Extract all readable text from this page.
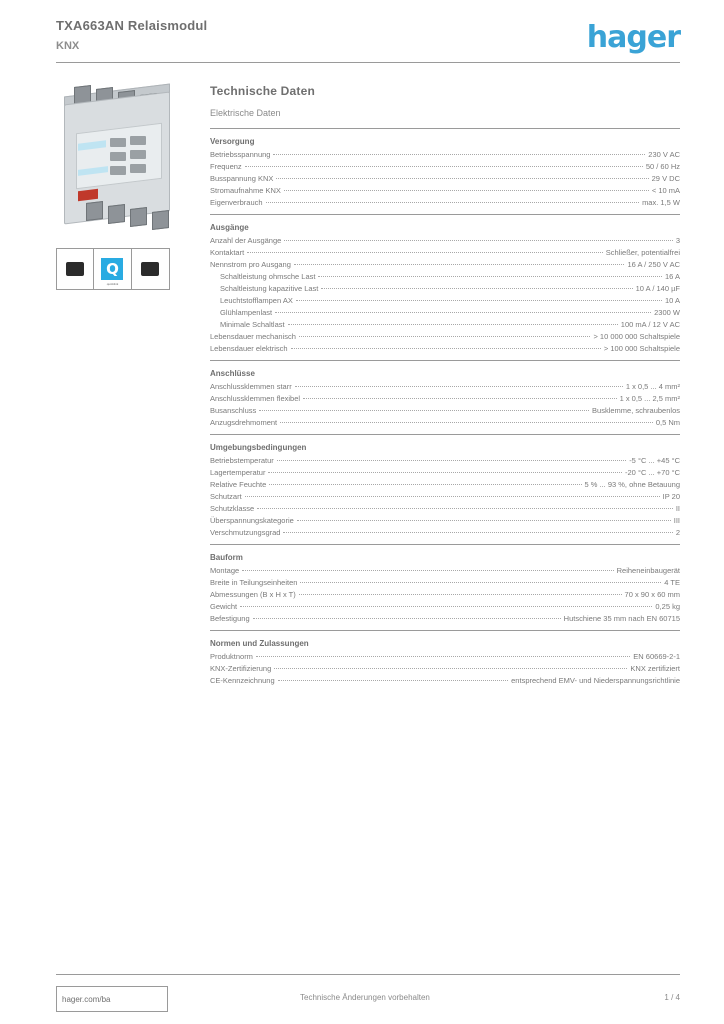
TXA663AN Relaismodul
KNX	hager
Q
quicklink
Technische Daten
Elektrische Daten
Versorgung
Betriebsspannung	230 V AC
Frequenz	50 / 60 Hz
Busspannung KNX	29 V DC
Stromaufnahme KNX	< 10 mA
Eigenverbrauch	max. 1,5 W
Ausgänge
Anzahl der Ausgänge	3
Kontaktart	Schließer, potentialfrei
Nennstrom pro Ausgang	16 A / 250 V AC
Schaltleistung ohmsche Last	16 A
Schaltleistung kapazitive Last	10 A / 140 µF
Leuchtstofflampen AX	10 A
Glühlampenlast	2300 W
Minimale Schaltlast	100 mA / 12 V AC
Lebensdauer mechanisch	> 10 000 000 Schaltspiele
Lebensdauer elektrisch	> 100 000 Schaltspiele
Anschlüsse
Anschlussklemmen starr	1 x 0,5 ... 4 mm²
Anschlussklemmen flexibel	1 x 0,5 ... 2,5 mm²
Busanschluss	Busklemme, schraubenlos
Anzugsdrehmoment	0,5 Nm
Umgebungsbedingungen
Betriebstemperatur	-5 °C ... +45 °C
Lagertemperatur	-20 °C ... +70 °C
Relative Feuchte	5 % ... 93 %, ohne Betauung
Schutzart	IP 20
Schutzklasse	II
Überspannungskategorie	III
Verschmutzungsgrad	2
Bauform
Montage	Reiheneinbaugerät
Breite in Teilungseinheiten	4 TE
Abmessungen (B x H x T)	70 x 90 x 60 mm
Gewicht	0,25 kg
Befestigung	Hutschiene 35 mm nach EN 60715
Normen und Zulassungen
Produktnorm	EN 60669-2-1
KNX-Zertifizierung	KNX zertifiziert
CE-Kennzeichnung	entsprechend EMV- und Niederspannungsrichtlinie
hager.com/ba	Technische Änderungen vorbehalten	1 / 4
